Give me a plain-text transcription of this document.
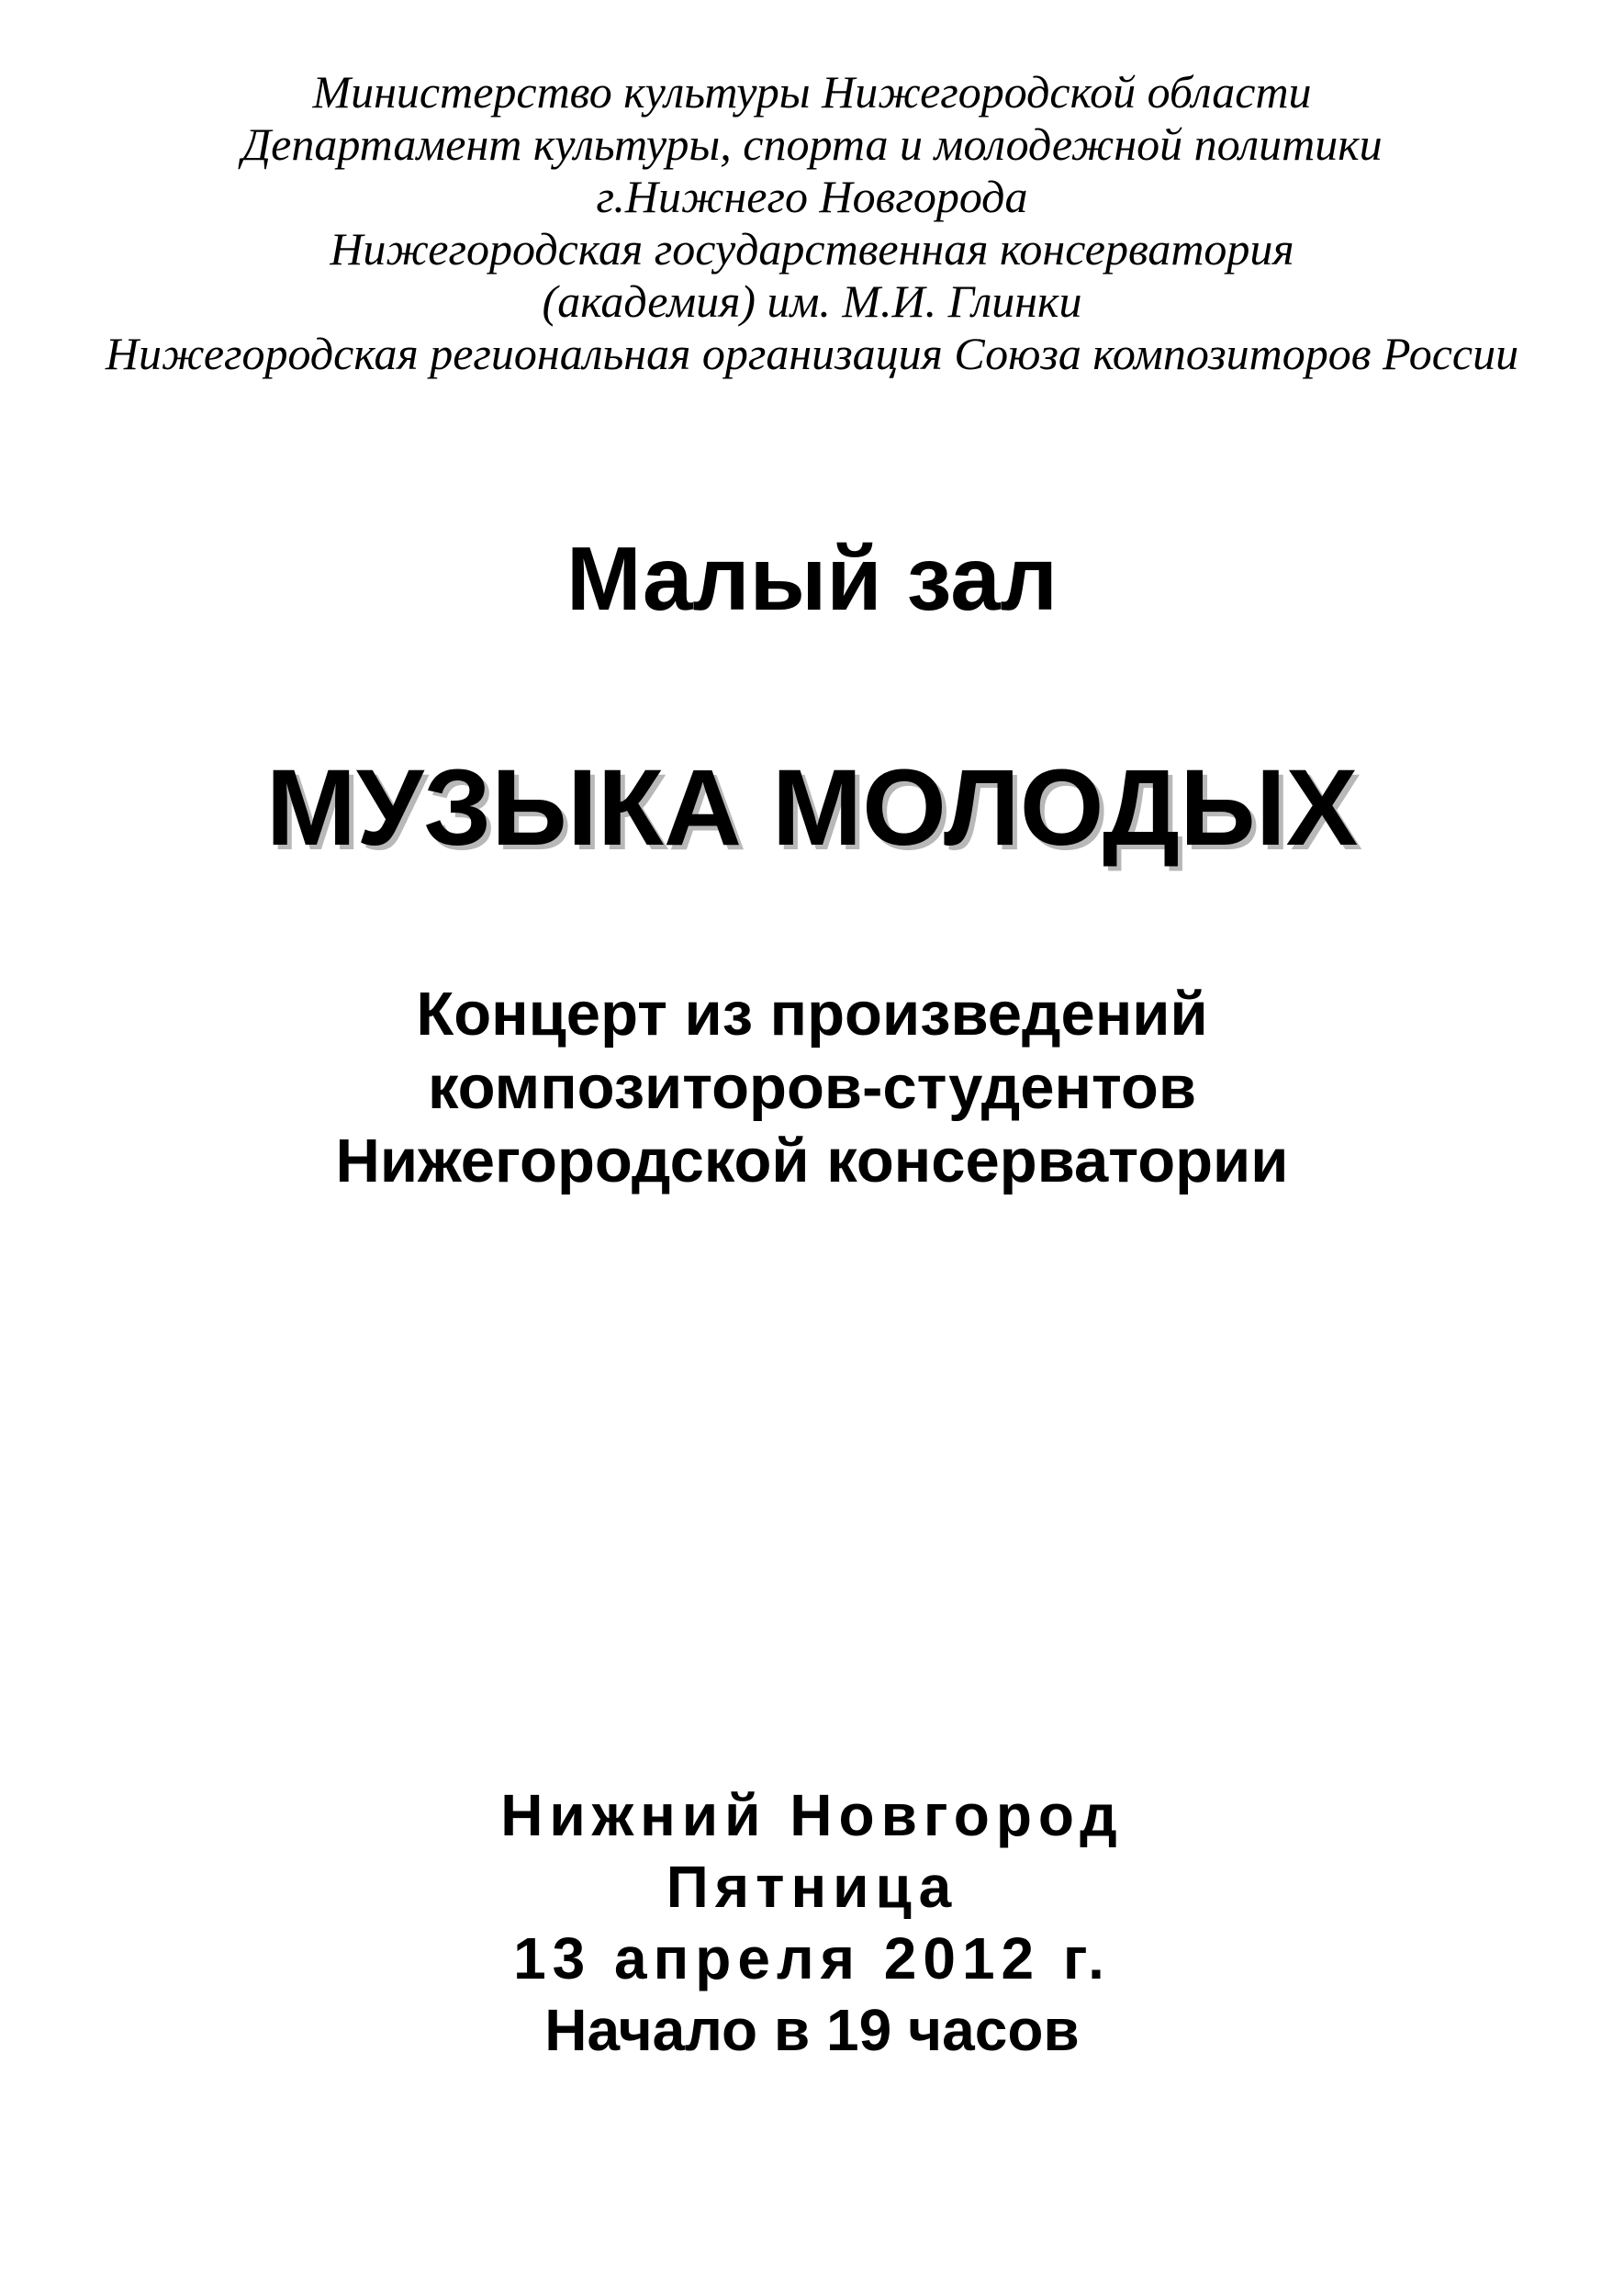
Министерство культуры Нижегородской области
Департамент культуры, спорта и молодежной политики
г.Нижнего Новгорода
Нижегородская государственная консерватория
(академия) им. М.И. Глинки
Нижегородская региональная организация Союза композиторов России
Малый зал
МУЗЫКА МОЛОДЫХ
Концерт из произведений
композиторов-студентов
Нижегородской консерватории
Нижний Новгород
Пятница
13 апреля 2012 г.
Начало в 19 часов
